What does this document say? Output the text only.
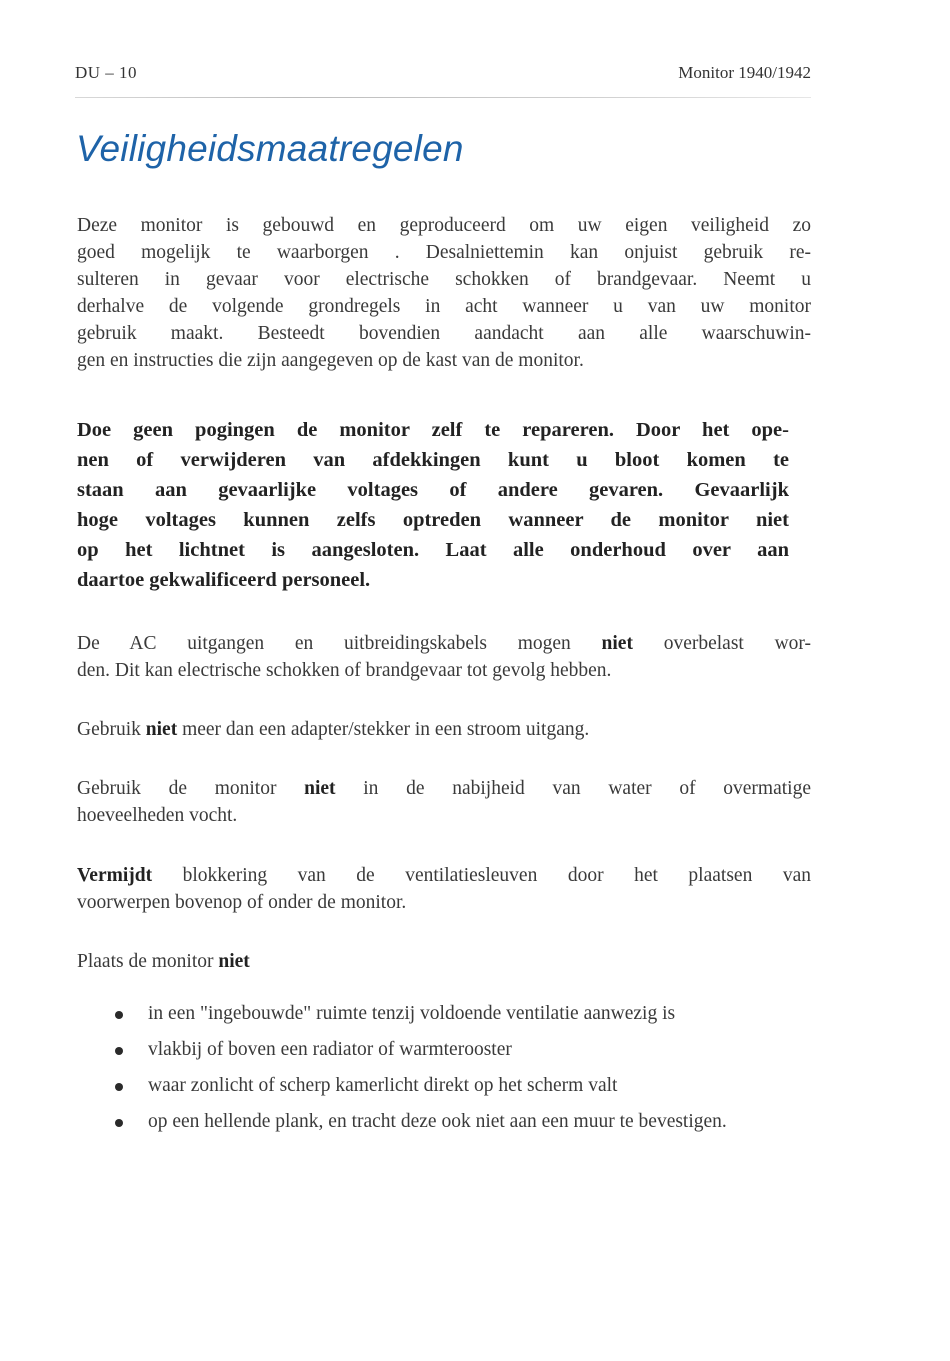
DU – 10	Monitor 1940/1942
Veiligheidsmaatregelen

Deze monitor is gebouwd en geproduceerd om uw eigen veiligheid zo
goed mogelijk te waarborgen . Desalniettemin kan onjuist gebruik re-
sulteren in gevaar voor electrische schokken of brandgevaar. Neemt u
derhalve de volgende grondregels in acht wanneer u van uw monitor
gebruik maakt. Besteedt bovendien aandacht aan alle waarschuwin-
gen en instructies die zijn aangegeven op de kast van de monitor.

Doe geen pogingen de monitor zelf te repareren. Door het ope-
nen of verwijderen van afdekkingen kunt u bloot komen te
staan aan gevaarlijke voltages of andere gevaren. Gevaarlijk
hoge voltages kunnen zelfs optreden wanneer de monitor niet
op het lichtnet is aangesloten. Laat alle onderhoud over aan
daartoe gekwalificeerd personeel.

De AC uitgangen en uitbreidingskabels mogen niet overbelast wor-
den. Dit kan electrische schokken of brandgevaar tot gevolg hebben.

Gebruik niet meer dan een adapter/stekker in een stroom uitgang.

Gebruik de monitor niet in de nabijheid van water of overmatige
hoeveelheden vocht.

Vermijdt blokkering van de ventilatiesleuven door het plaatsen van
voorwerpen bovenop of onder de monitor.

Plaats de monitor niet

in een "ingebouwde" ruimte tenzij voldoende ventilatie aanwezig is
vlakbij of boven een radiator of warmterooster
waar zonlicht of scherp kamerlicht direkt op het scherm valt
op een hellende plank, en tracht deze ook niet aan een muur te bevestigen.
